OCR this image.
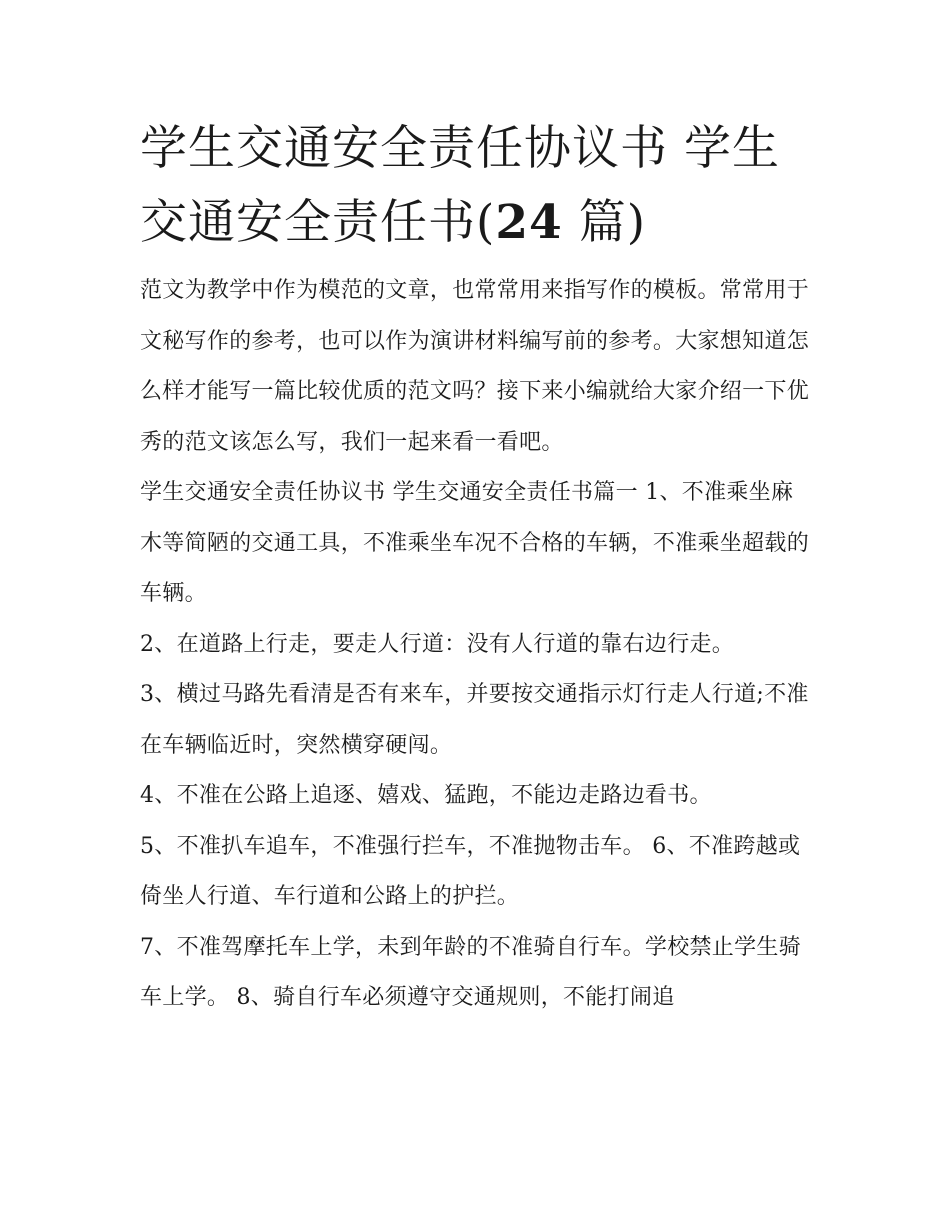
学生交通安全责任协议书 学生交通安全责任书(24 篇)

范文为教学中作为模范的文章，也常常用来指写作的模板。常常用于文秘写作的参考，也可以作为演讲材料编写前的参考。大家想知道怎么样才能写一篇比较优质的范文吗？接下来小编就给大家介绍一下优秀的范文该怎么写，我们一起来看一看吧。

学生交通安全责任协议书 学生交通安全责任书篇一 1、不准乘坐麻木等简陋的交通工具，不准乘坐车况不合格的车辆，不准乘坐超载的车辆。

2、在道路上行走，要走人行道：没有人行道的靠右边行走。

3、横过马路先看清是否有来车，并要按交通指示灯行走人行道;不准在车辆临近时，突然横穿硬闯。

4、不准在公路上追逐、嬉戏、猛跑，不能边走路边看书。

5、不准扒车追车，不准强行拦车，不准抛物击车。 6、不准跨越或倚坐人行道、车行道和公路上的护拦。

7、不准驾摩托车上学，未到年龄的不准骑自行车。学校禁止学生骑车上学。 8、骑自行车必须遵守交通规则，不能打闹追
